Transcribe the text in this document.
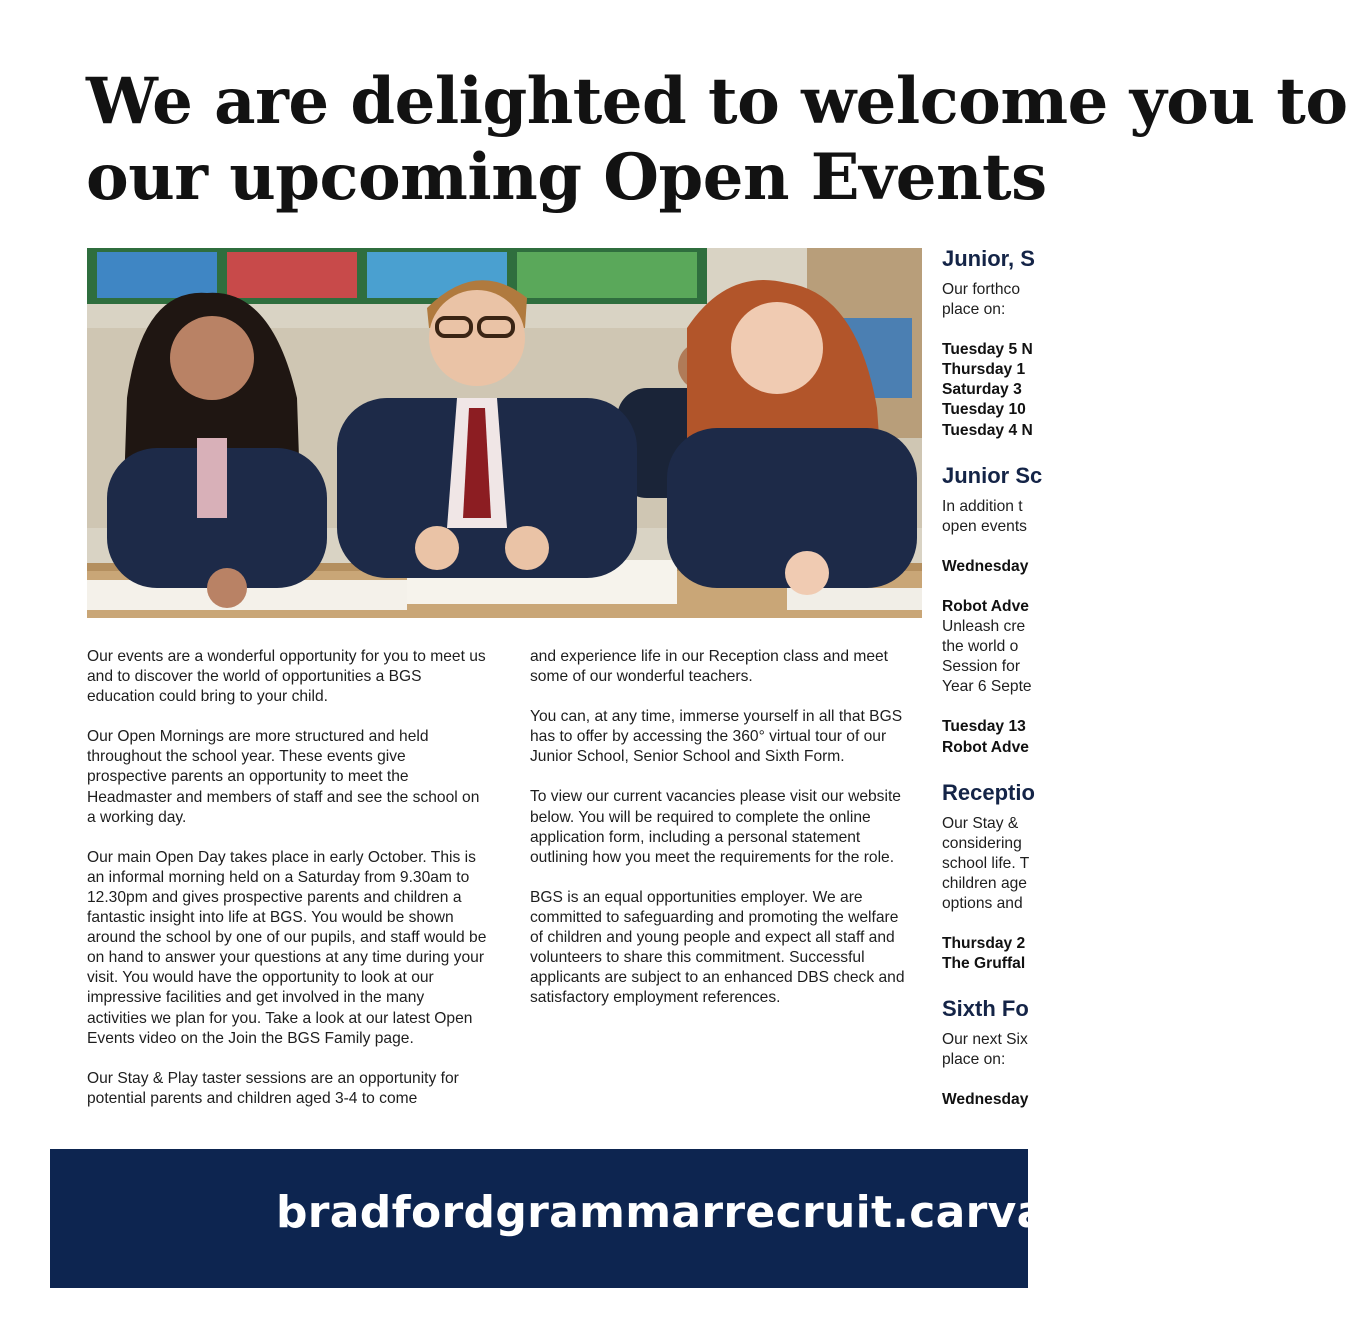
We are delighted to welcome you to
our upcoming Open Events

Our events are a wonderful opportunity for you to meet us and to discover the world of opportunities a BGS education could bring to your child.

Our Open Mornings are more structured and held throughout the school year. These events give prospective parents an opportunity to meet the Headmaster and members of staff and see the school on a working day.

Our main Open Day takes place in early October. This is an informal morning held on a Saturday from 9.30am to 12.30pm and gives prospective parents and children a fantastic insight into life at BGS. You would be shown around the school by one of our pupils, and staff would be on hand to answer your questions at any time during your visit. You would have the opportunity to look at our impressive facilities and get involved in the many activities we plan for you. Take a look at our latest Open Events video on the Join the BGS Family page.

Our Stay & Play taster sessions are an opportunity for potential parents and children aged 3-4 to come

and experience life in our Reception class and meet some of our wonderful teachers.

You can, at any time, immerse yourself in all that BGS has to offer by accessing the 360° virtual tour of our Junior School, Senior School and Sixth Form.

To view our current vacancies please visit our website below. You will be required to complete the online application form, including a personal statement outlining how you meet the requirements for the role.

BGS is an equal opportunities employer. We are committed to safeguarding and promoting the welfare of children and young people and expect all staff and volunteers to share this commitment. Successful applicants are subject to an enhanced DBS check and satisfactory employment references.

Junior, S
Our forthco
place on:
Tuesday 5 N
Thursday 1
Saturday 3
Tuesday 10
Tuesday 4 N
Junior Sc
In addition t
open events
Wednesday
Robot Adve
Unleash cre
the world o
Session for
Year 6 Septe
Tuesday 13
Robot Adve
Receptio
Our Stay &
considering
school life. T
children age
options and
Thursday 2
The Gruffal
Sixth Fo
Our next Six
place on:
Wednesday
bradfordgrammarrecruit.carvalhr.com
